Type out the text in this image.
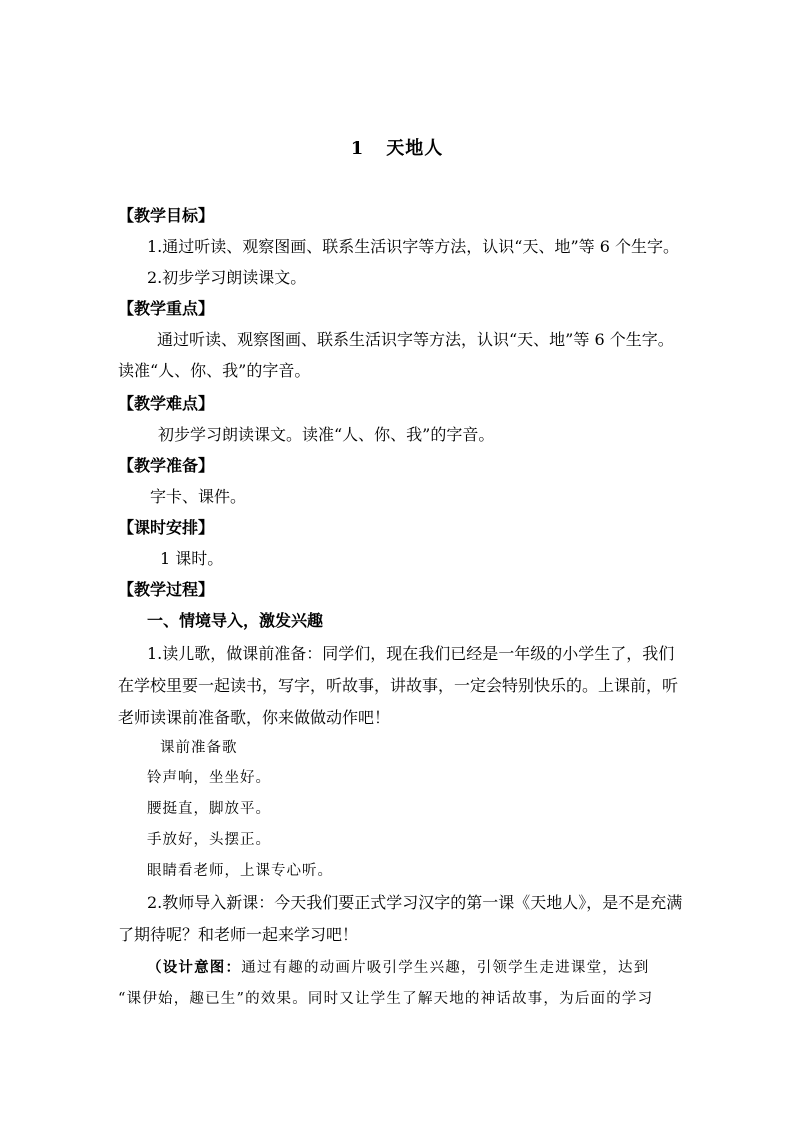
1 天地人
【教学目标】
1.通过听读、观察图画、联系生活识字等方法，认识“天、地”等 6 个生字。
2.初步学习朗读课文。
【教学重点】
通过听读、观察图画、联系生活识字等方法，认识“天、地”等 6 个生字。
读准“人、你、我”的字音。
【教学难点】
初步学习朗读课文。读准“人、你、我”的字音。
【教学准备】
字卡、课件。
【课时安排】
1 课时。
【教学过程】
一、情境导入，激发兴趣
1.读儿歌，做课前准备：同学们，现在我们已经是一年级的小学生了，我们
在学校里要一起读书，写字，听故事，讲故事，一定会特别快乐的。上课前，听
老师读课前准备歌，你来做做动作吧！
课前准备歌
铃声响，坐坐好。
腰挺直，脚放平。
手放好，头摆正。
眼睛看老师，上课专心听。
2.教师导入新课：今天我们要正式学习汉字的第一课《天地人》，是不是充满
了期待呢？和老师一起来学习吧！
（设计意图：通过有趣的动画片吸引学生兴趣，引领学生走进课堂，达到
“课伊始，趣已生”的效果。同时又让学生了解天地的神话故事，为后面的学习
